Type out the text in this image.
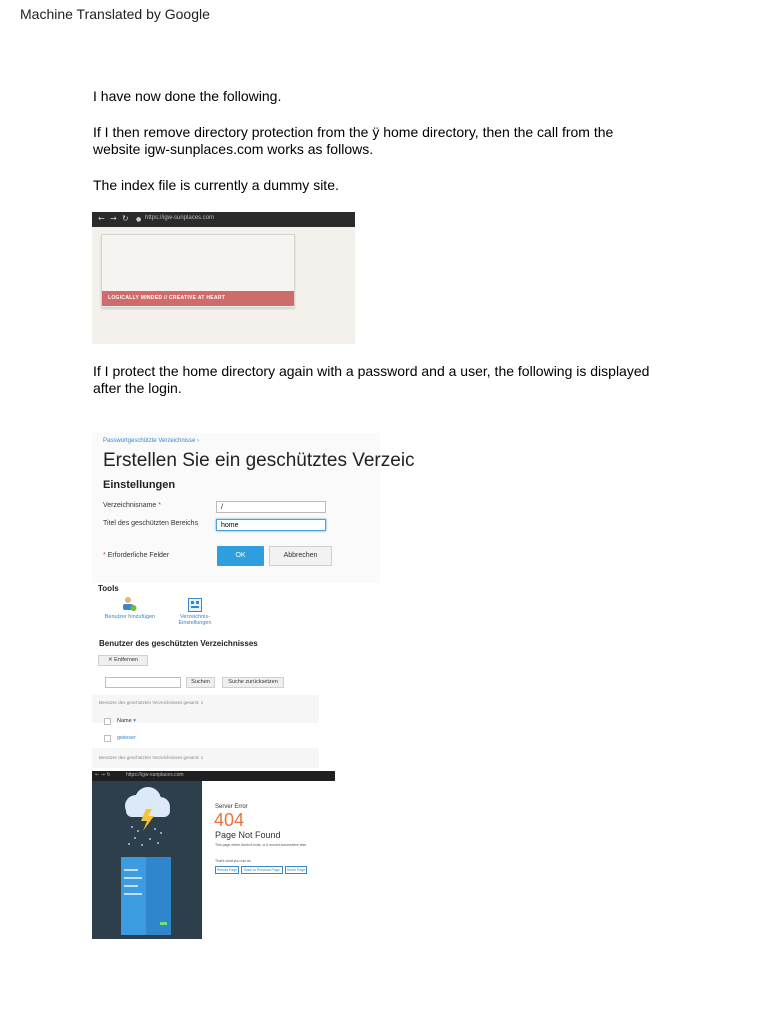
Machine Translated by Google
I have now done the following.
If I then remove directory protection from the ÿ home directory, then the call from the
website igw-sunplaces.com works as follows.
The index file is currently a dummy site.
← → ↻ ● https://igw-sunplaces.com
LOGICALLY MINDED // CREATIVE AT HEART
If I protect the home directory again with a password and a user, the following is displayed
after the login.
Passwortgeschützte Verzeichnisse ›
Erstellen Sie ein geschütztes Verzeic
Einstellungen
Verzeichnisname *	/
Titel des geschützten Bereichs	home
* Erforderliche Felder	OK	Abbrechen
Tools
Benutzer hinzufügen	Verzeichnis-
Einstellungen
Benutzer des geschützten Verzeichnisses
✕ Entfernen
Suchen	Suche zurücksetzen
Benutzer des geschützten Verzeichnisses gesamt: 1
Name ▾
gwieser
Benutzer des geschützten Verzeichnisses gesamt: 1
← → ↻	https://igw-sunplaces.com
Server Error
404
Page Not Found
This page either doesn't exist, or it moved somewhere else.
That's what you can do
Reload Page	Back to Previous Page	Home Page
